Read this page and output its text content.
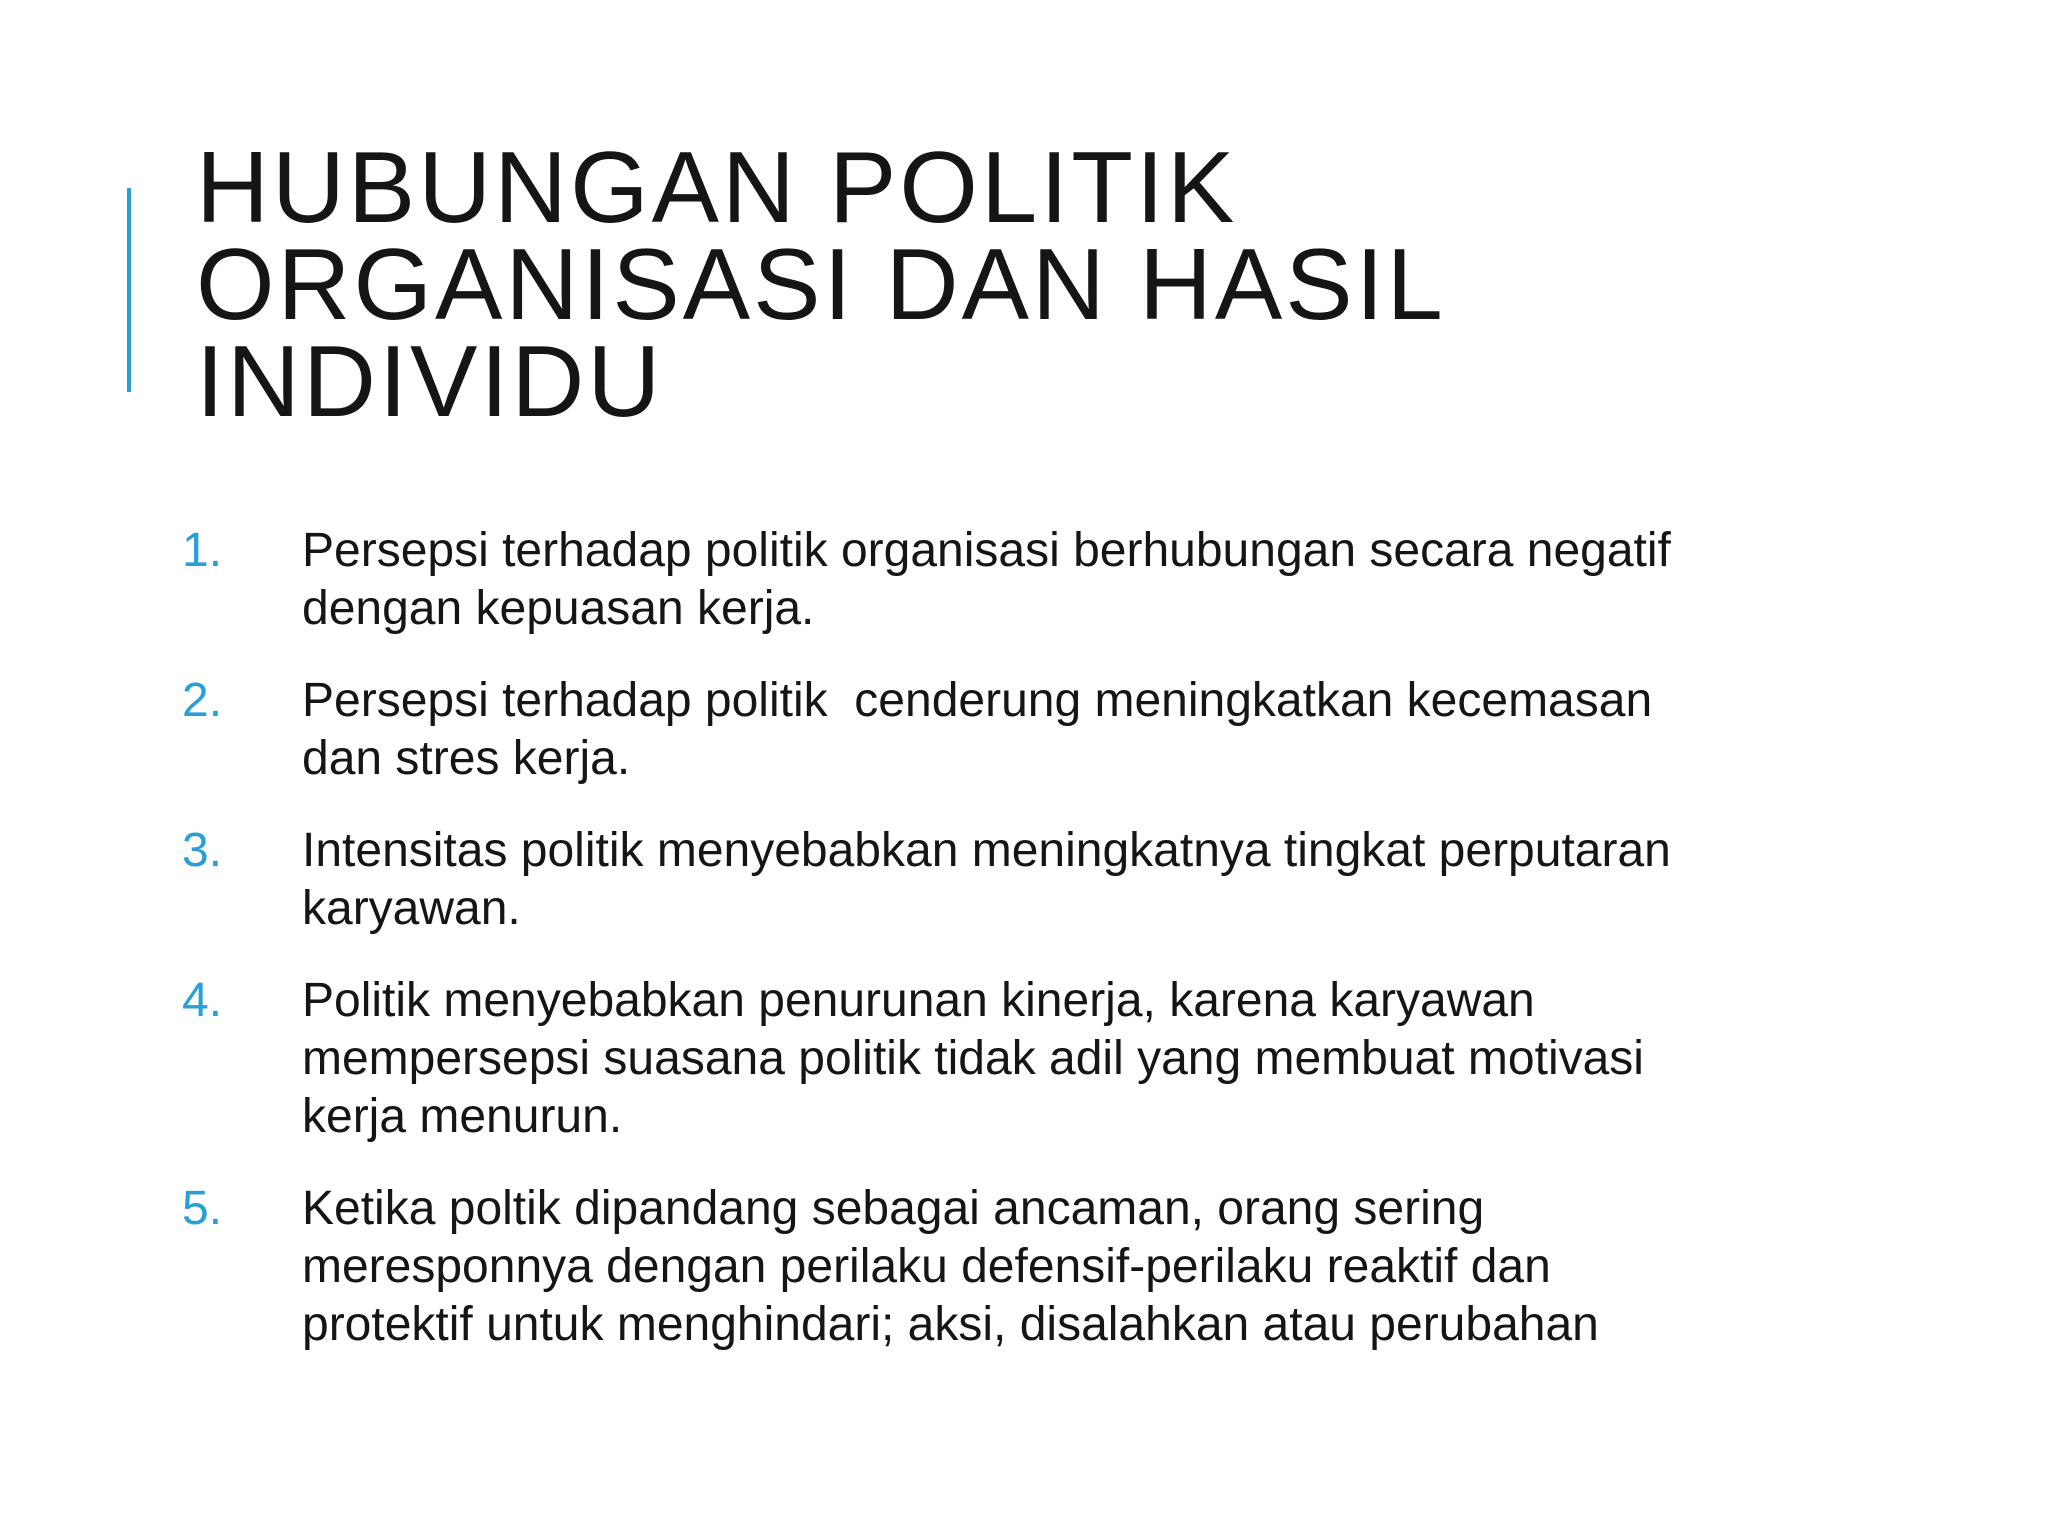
HUBUNGAN POLITIK
ORGANISASI DAN HASIL
INDIVIDU
1. Persepsi terhadap politik organisasi berhubungan secara negatif
dengan kepuasan kerja.
2. Persepsi terhadap politik  cenderung meningkatkan kecemasan
dan stres kerja.
3. Intensitas politik menyebabkan meningkatnya tingkat perputaran
karyawan.
4. Politik menyebabkan penurunan kinerja, karena karyawan
mempersepsi suasana politik tidak adil yang membuat motivasi
kerja menurun.
5. Ketika poltik dipandang sebagai ancaman, orang sering
meresponnya dengan perilaku defensif-perilaku reaktif dan
protektif untuk menghindari; aksi, disalahkan atau perubahan
